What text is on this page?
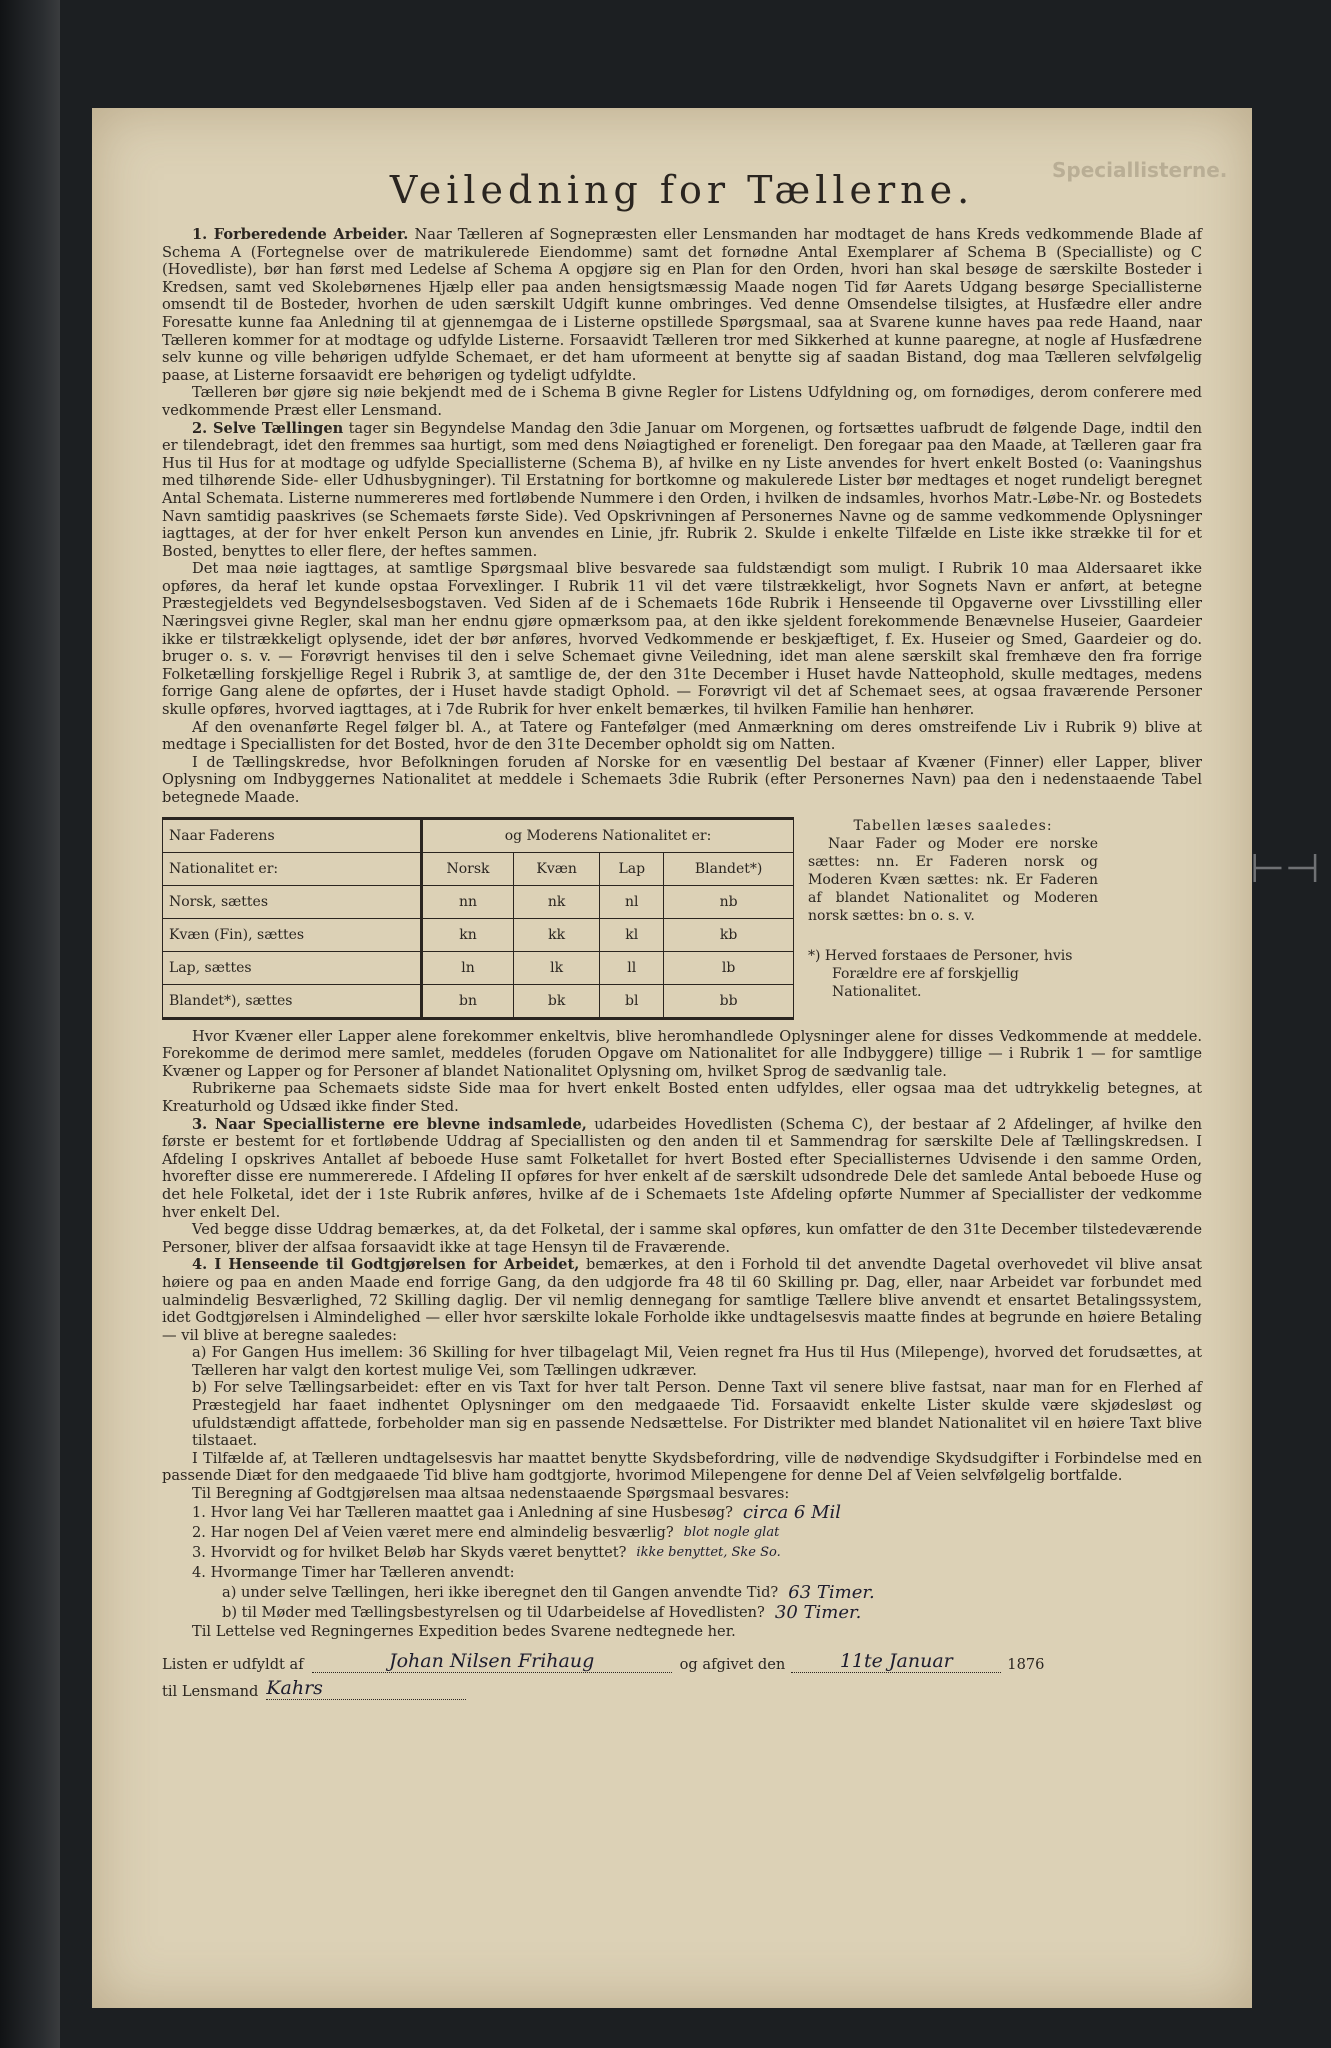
Speciallisterne.
Veiledning for Tællerne.

1. Forberedende Arbeider. Naar Tælleren af Sognepræsten eller Lensmanden har modtaget de hans Kreds vedkommende Blade af Schema A (Fortegnelse over de matrikulerede Eiendomme) samt det fornødne Antal Exemplarer af Schema B (Specialliste) og C (Hovedliste), bør han først med Ledelse af Schema A opgjøre sig en Plan for den Orden, hvori han skal besøge de særskilte Bosteder i Kredsen, samt ved Skolebørnenes Hjælp eller paa anden hensigtsmæssig Maade nogen Tid før Aarets Udgang besørge Speciallisterne omsendt til de Bosteder, hvorhen de uden særskilt Udgift kunne ombringes. Ved denne Omsendelse tilsigtes, at Husfædre eller andre Foresatte kunne faa Anledning til at gjennemgaa de i Listerne opstillede Spørgsmaal, saa at Svarene kunne haves paa rede Haand, naar Tælleren kommer for at modtage og udfylde Listerne. Forsaavidt Tælleren tror med Sikkerhed at kunne paaregne, at nogle af Husfædrene selv kunne og ville behørigen udfylde Schemaet, er det ham uformeent at benytte sig af saadan Bistand, dog maa Tælleren selvfølgelig paase, at Listerne forsaavidt ere behørigen og tydeligt udfyldte.

Tælleren bør gjøre sig nøie bekjendt med de i Schema B givne Regler for Listens Udfyldning og, om fornødiges, derom conferere med vedkommende Præst eller Lensmand.

2. Selve Tællingen tager sin Begyndelse Mandag den 3die Januar om Morgenen, og fortsættes uafbrudt de følgende Dage, indtil den er tilendebragt, idet den fremmes saa hurtigt, som med dens Nøiagtighed er foreneligt. Den foregaar paa den Maade, at Tælleren gaar fra Hus til Hus for at modtage og udfylde Speciallisterne (Schema B), af hvilke en ny Liste anvendes for hvert enkelt Bosted (o: Vaaningshus med tilhørende Side- eller Udhusbygninger). Til Erstatning for bortkomne og makulerede Lister bør medtages et noget rundeligt beregnet Antal Schemata. Listerne nummereres med fortløbende Nummere i den Orden, i hvilken de indsamles, hvorhos Matr.-Løbe-Nr. og Bostedets Navn samtidig paaskrives (se Schemaets første Side). Ved Opskrivningen af Personernes Navne og de samme vedkommende Oplysninger iagttages, at der for hver enkelt Person kun anvendes en Linie, jfr. Rubrik 2. Skulde i enkelte Tilfælde en Liste ikke strække til for et Bosted, benyttes to eller flere, der heftes sammen.

Det maa nøie iagttages, at samtlige Spørgsmaal blive besvarede saa fuldstændigt som muligt. I Rubrik 10 maa Aldersaaret ikke opføres, da heraf let kunde opstaa Forvexlinger. I Rubrik 11 vil det være tilstrækkeligt, hvor Sognets Navn er anført, at betegne Præstegjeldets ved Begyndelsesbogstaven. Ved Siden af de i Schemaets 16de Rubrik i Henseende til Opgaverne over Livsstilling eller Næringsvei givne Regler, skal man her endnu gjøre opmærksom paa, at den ikke sjeldent forekommende Benævnelse Huseier, Gaardeier ikke er tilstrækkeligt oplysende, idet der bør anføres, hvorved Vedkommende er beskjæftiget, f. Ex. Huseier og Smed, Gaardeier og do. bruger o. s. v. — Forøvrigt henvises til den i selve Schemaet givne Veiledning, idet man alene særskilt skal fremhæve den fra forrige Folketælling forskjellige Regel i Rubrik 3, at samtlige de, der den 31te December i Huset havde Natteophold, skulle medtages, medens forrige Gang alene de opførtes, der i Huset havde stadigt Ophold. — Forøvrigt vil det af Schemaet sees, at ogsaa fraværende Personer skulle opføres, hvorved iagttages, at i 7de Rubrik for hver enkelt bemærkes, til hvilken Familie han henhører.

Af den ovenanførte Regel følger bl. A., at Tatere og Fantefølger (med Anmærkning om deres omstreifende Liv i Rubrik 9) blive at medtage i Speciallisten for det Bosted, hvor de den 31te December opholdt sig om Natten.

I de Tællingskredse, hvor Befolkningen foruden af Norske for en væsentlig Del bestaar af Kvæner (Finner) eller Lapper, bliver Oplysning om Indbyggernes Nationalitet at meddele i Schemaets 3die Rubrik (efter Personernes Navn) paa den i nedenstaaende Tabel betegnede Maade.

Naar Faderens	og Moderens Nationalitet er:			
Nationalitet er:	Norsk	Kvæn	Lap	Blandet*)
Norsk, sættes	nn	nk	nl	nb
Kvæn (Fin), sættes	kn	kk	kl	kb
Lap, sættes	ln	lk	ll	lb
Blandet*), sættes	bn	bk	bl	bb
Tabellen læses saaledes:
Naar Fader og Moder ere norske sættes: nn. Er Faderen norsk og Moderen Kvæn sættes: nk. Er Faderen af blandet Nationalitet og Moderen norsk sættes: bn o. s. v.
*) Herved forstaaes de Personer, hvis Forældre ere af forskjellig Nationalitet.

Hvor Kvæner eller Lapper alene forekommer enkeltvis, blive heromhandlede Oplysninger alene for disses Vedkommende at meddele. Forekomme de derimod mere samlet, meddeles (foruden Opgave om Nationalitet for alle Indbyggere) tillige — i Rubrik 1 — for samtlige Kvæner og Lapper og for Personer af blandet Nationalitet Oplysning om, hvilket Sprog de sædvanlig tale.

Rubrikerne paa Schemaets sidste Side maa for hvert enkelt Bosted enten udfyldes, eller ogsaa maa det udtrykkelig betegnes, at Kreaturhold og Udsæd ikke finder Sted.

3. Naar Speciallisterne ere blevne indsamlede, udarbeides Hovedlisten (Schema C), der bestaar af 2 Afdelinger, af hvilke den første er bestemt for et fortløbende Uddrag af Speciallisten og den anden til et Sammendrag for særskilte Dele af Tællingskredsen. I Afdeling I opskrives Antallet af beboede Huse samt Folketallet for hvert Bosted efter Speciallisternes Udvisende i den samme Orden, hvorefter disse ere nummererede. I Afdeling II opføres for hver enkelt af de særskilt udsondrede Dele det samlede Antal beboede Huse og det hele Folketal, idet der i 1ste Rubrik anføres, hvilke af de i Schemaets 1ste Afdeling opførte Nummer af Speciallister der vedkomme hver enkelt Del.

Ved begge disse Uddrag bemærkes, at, da det Folketal, der i samme skal opføres, kun omfatter de den 31te December tilstedeværende Personer, bliver der alfsaa forsaavidt ikke at tage Hensyn til de Fraværende.

4. I Henseende til Godtgjørelsen for Arbeidet, bemærkes, at den i Forhold til det anvendte Dagetal overhovedet vil blive ansat høiere og paa en anden Maade end forrige Gang, da den udgjorde fra 48 til 60 Skilling pr. Dag, eller, naar Arbeidet var forbundet med ualmindelig Besværlighed, 72 Skilling daglig. Der vil nemlig dennegang for samtlige Tællere blive anvendt et ensartet Betalingssystem, idet Godtgjørelsen i Almindelighed — eller hvor særskilte lokale Forholde ikke undtagelsesvis maatte findes at begrunde en høiere Betaling — vil blive at beregne saaledes:

a) For Gangen Hus imellem: 36 Skilling for hver tilbagelagt Mil, Veien regnet fra Hus til Hus (Milepenge), hvorved det forudsættes, at Tælleren har valgt den kortest mulige Vei, som Tællingen udkræver.

b) For selve Tællingsarbeidet: efter en vis Taxt for hver talt Person. Denne Taxt vil senere blive fastsat, naar man for en Flerhed af Præstegjeld har faaet indhentet Oplysninger om den medgaaede Tid. Forsaavidt enkelte Lister skulde være skjødesløst og ufuldstændigt affattede, forbeholder man sig en passende Nedsættelse. For Distrikter med blandet Nationalitet vil en høiere Taxt blive tilstaaet.

I Tilfælde af, at Tælleren undtagelsesvis har maattet benytte Skydsbefordring, ville de nødvendige Skydsudgifter i Forbindelse med en passende Diæt for den medgaaede Tid blive ham godtgjorte, hvorimod Milepengene for denne Del af Veien selvfølgelig bortfalde.

Til Beregning af Godtgjørelsen maa altsaa nedenstaaende Spørgsmaal besvares:

1. Hvor lang Vei har Tælleren maattet gaa i Anledning af sine Husbesøg? circa 6 Mil
2. Har nogen Del af Veien været mere end almindelig besværlig? blot nogle glat
3. Hvorvidt og for hvilket Beløb har Skyds været benyttet? ikke benyttet, Ske So.
4. Hvormange Timer har Tælleren anvendt:
a) under selve Tællingen, heri ikke iberegnet den til Gangen anvendte Tid? 63 Timer.
b) til Møder med Tællingsbestyrelsen og til Udarbeidelse af Hovedlisten? 30 Timer.

Til Lettelse ved Regningernes Expedition bedes Svarene nedtegnede her.

Listen er udfyldt af	Johan Nilsen Frihaug	og afgivet den	11te Januar	1876
til Lensmand Kahrs
⊢⊣
